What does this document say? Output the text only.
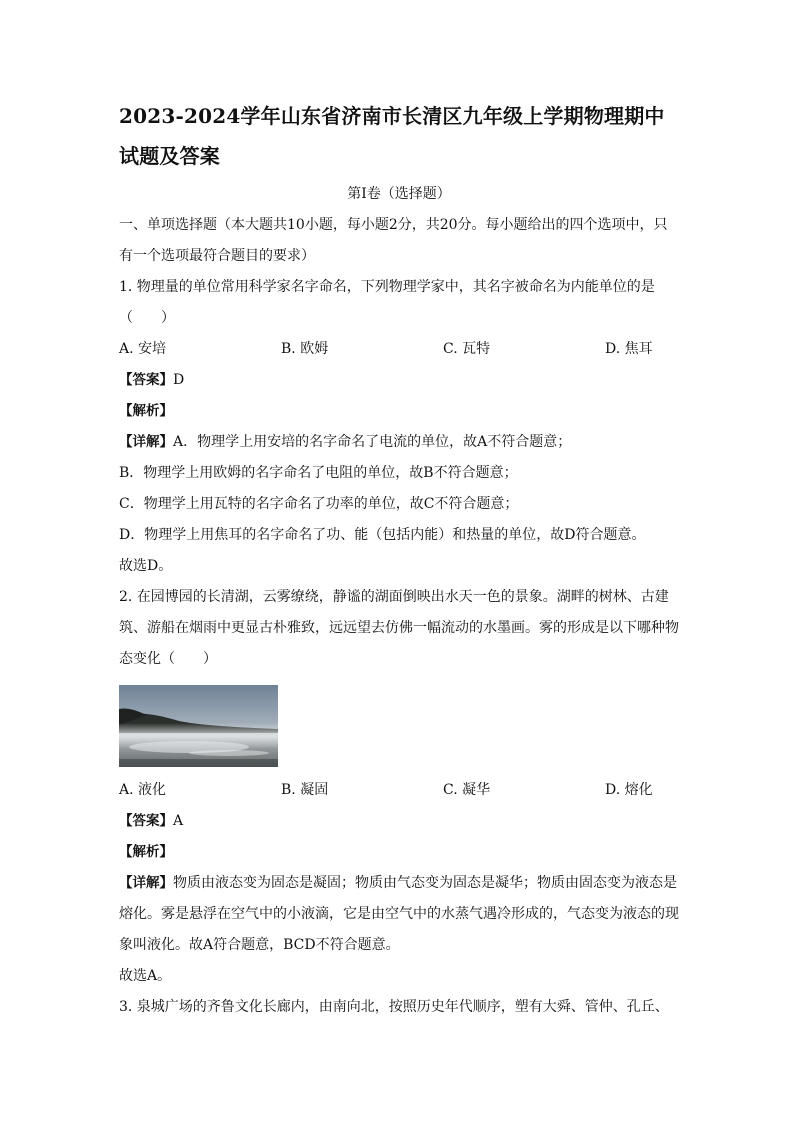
2023-2024学年山东省济南市长清区九年级上学期物理期中
试题及答案
第Ⅰ卷（选择题）

一、单项选择题（本大题共10小题，每小题2分，共20分。每小题给出的四个选项中，只

有一个选项最符合题目的要求）

1. 物理量的单位常用科学家名字命名，下列物理学家中，其名字被命名为内能单位的是

（　　）

A. 安培	B. 欧姆	C. 瓦特	D. 焦耳

【答案】D

【解析】

【详解】A．物理学上用安培的名字命名了电流的单位，故A不符合题意；

B．物理学上用欧姆的名字命名了电阻的单位，故B不符合题意；

C．物理学上用瓦特的名字命名了功率的单位，故C不符合题意；

D．物理学上用焦耳的名字命名了功、能（包括内能）和热量的单位，故D符合题意。

故选D。

2. 在园博园的长清湖，云雾缭绕，静谧的湖面倒映出水天一色的景象。湖畔的树林、古建

筑、游船在烟雨中更显古朴雅致，远远望去仿佛一幅流动的水墨画。雾的形成是以下哪种物

态变化（　　）

A. 液化	B. 凝固	C. 凝华	D. 熔化

【答案】A

【解析】

【详解】物质由液态变为固态是凝固；物质由气态变为固态是凝华；物质由固态变为液态是

熔化。雾是悬浮在空气中的小液滴，它是由空气中的水蒸气遇冷形成的，气态变为液态的现

象叫液化。故A符合题意，BCD不符合题意。

故选A。

3. 泉城广场的齐鲁文化长廊内，由南向北，按照历史年代顺序，塑有大舜、管仲、孔丘、
